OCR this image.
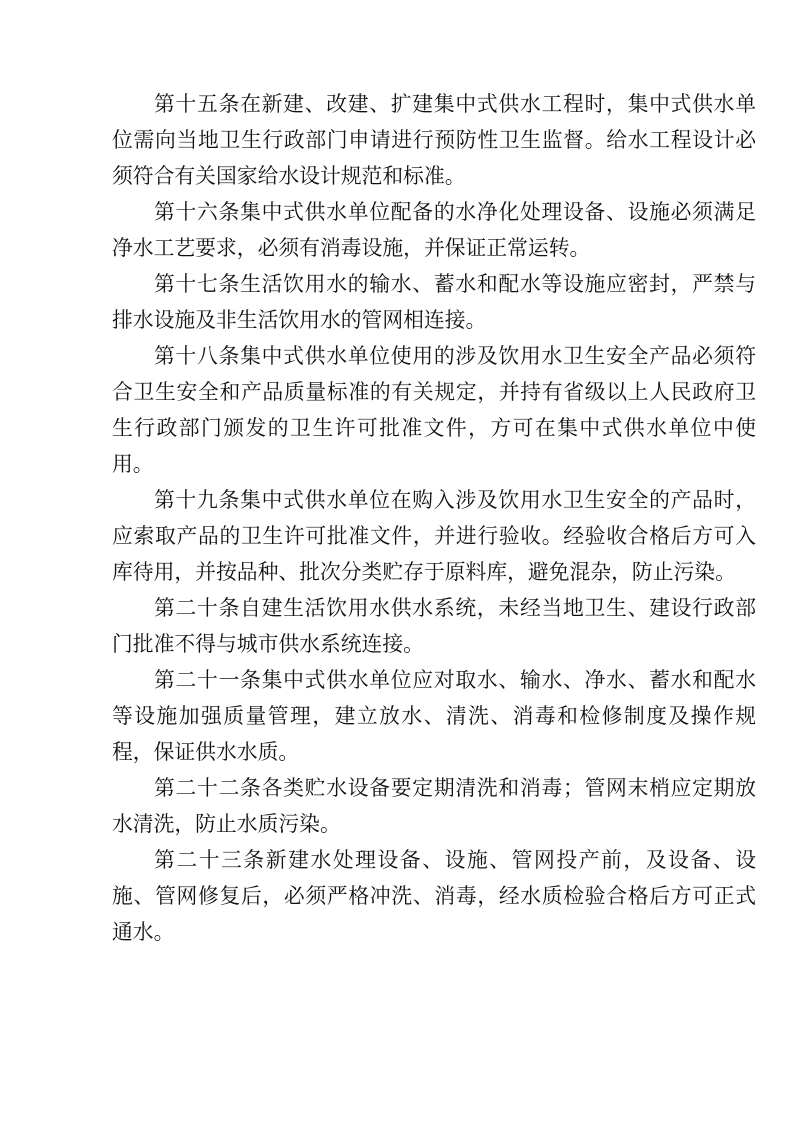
第十五条在新建、改建、扩建集中式供水工程时，集中式供水单位需向当地卫生行政部门申请进行预防性卫生监督。给水工程设计必须符合有关国家给水设计规范和标准。

第十六条集中式供水单位配备的水净化处理设备、设施必须满足净水工艺要求，必须有消毒设施，并保证正常运转。

第十七条生活饮用水的输水、蓄水和配水等设施应密封，严禁与排水设施及非生活饮用水的管网相连接。

第十八条集中式供水单位使用的涉及饮用水卫生安全产品必须符合卫生安全和产品质量标准的有关规定，并持有省级以上人民政府卫生行政部门颁发的卫生许可批准文件，方可在集中式供水单位中使用。

第十九条集中式供水单位在购入涉及饮用水卫生安全的产品时，应索取产品的卫生许可批准文件，并进行验收。经验收合格后方可入库待用，并按品种、批次分类贮存于原料库，避免混杂，防止污染。

第二十条自建生活饮用水供水系统，未经当地卫生、建设行政部门批准不得与城市供水系统连接。

第二十一条集中式供水单位应对取水、输水、净水、蓄水和配水等设施加强质量管理，建立放水、清洗、消毒和检修制度及操作规程，保证供水水质。

第二十二条各类贮水设备要定期清洗和消毒；管网末梢应定期放水清洗，防止水质污染。

第二十三条新建水处理设备、设施、管网投产前，及设备、设施、管网修复后，必须严格冲洗、消毒，经水质检验合格后方可正式通水。
